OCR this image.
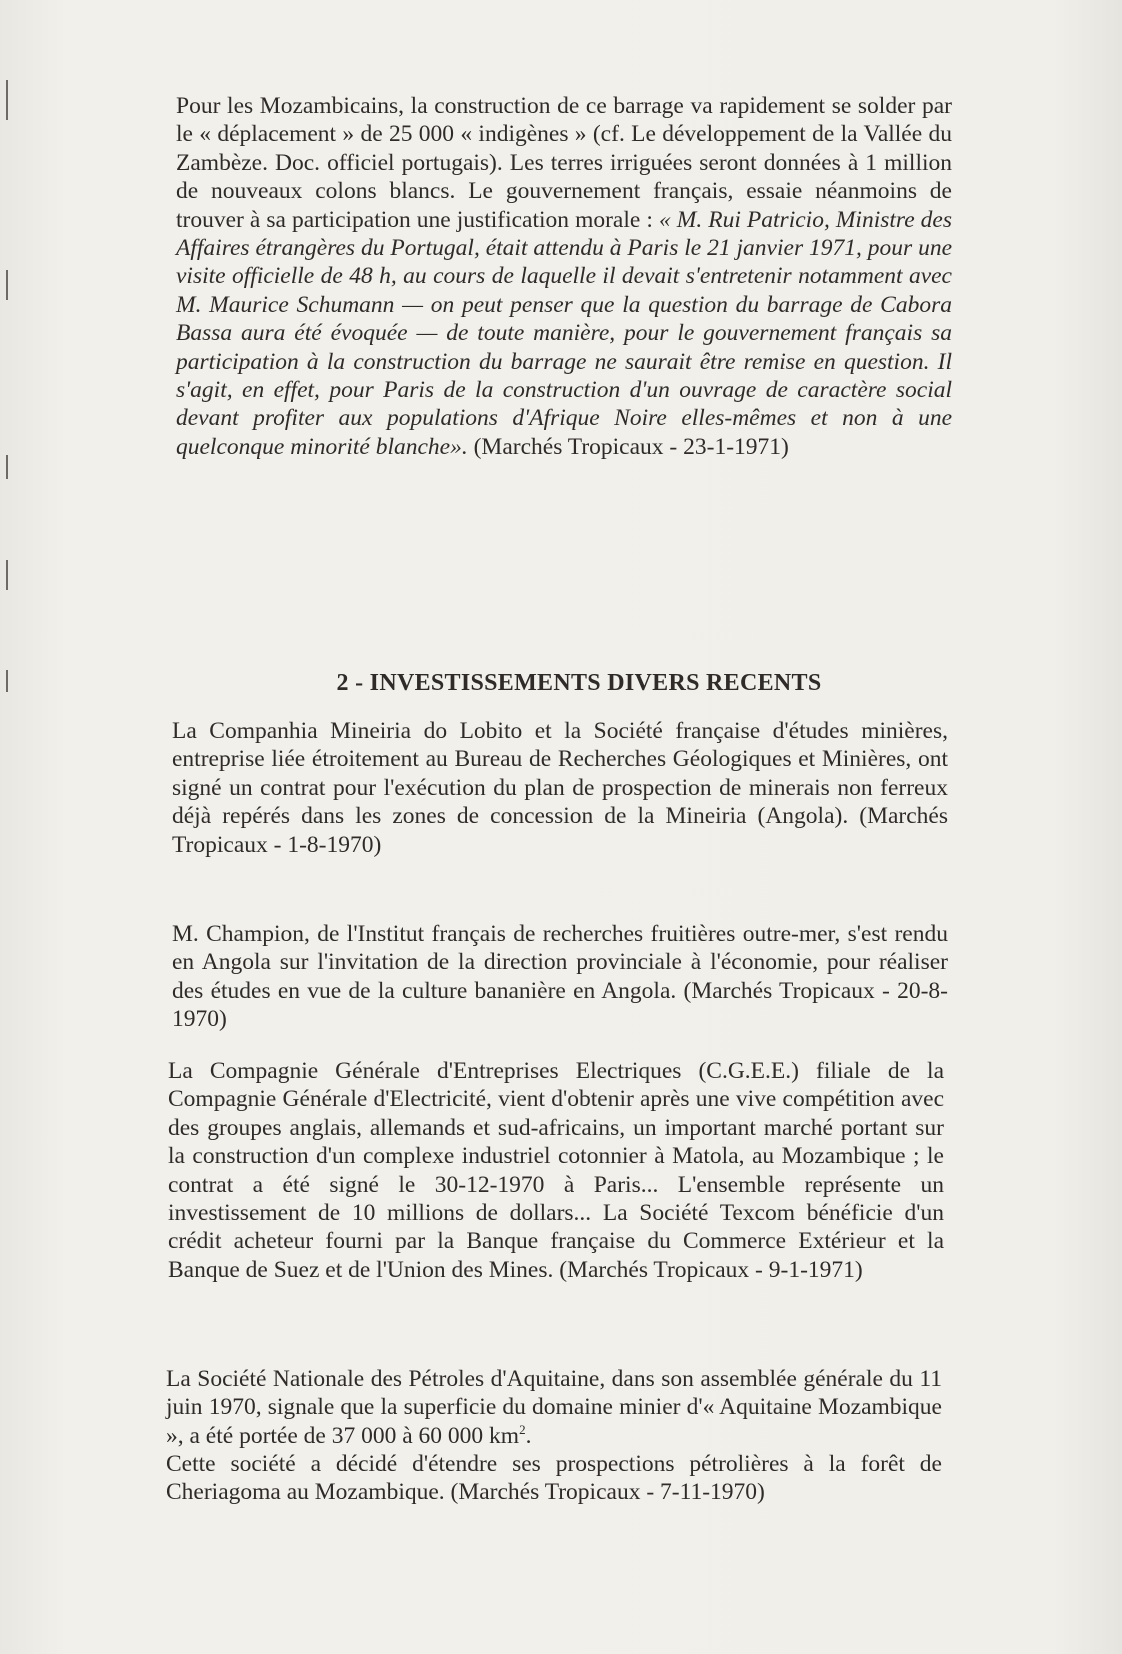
Pour les Mozambicains, la construction de ce barrage va rapidement se solder par le « déplacement » de 25 000 « indigènes » (cf. Le développement de la Vallée du Zambèze. Doc. officiel portugais). Les terres irriguées seront données à 1 million de nouveaux colons blancs. Le gouvernement français, essaie néanmoins de trouver à sa participation une justification morale : « M. Rui Patricio, Ministre des Affaires étrangères du Portugal, était attendu à Paris le 21 janvier 1971, pour une visite officielle de 48 h, au cours de laquelle il devait s'entretenir notamment avec M. Maurice Schumann — on peut penser que la question du barrage de Cabora Bassa aura été évoquée — de toute manière, pour le gouvernement français sa participation à la construction du barrage ne saurait être remise en question. Il s'agit, en effet, pour Paris de la construction d'un ouvrage de caractère social devant profiter aux populations d'Afrique Noire elles-mêmes et non à une quelconque minorité blanche». (Marchés Tropicaux - 23-1-1971)

2 - INVESTISSEMENTS DIVERS RECENTS

La Companhia Mineiria do Lobito et la Société française d'études minières, entreprise liée étroitement au Bureau de Recherches Géologiques et Minières, ont signé un contrat pour l'exécution du plan de prospection de minerais non ferreux déjà repérés dans les zones de concession de la Mineiria (Angola). (Marchés Tropicaux - 1-8-1970)

M. Champion, de l'Institut français de recherches fruitières outre-mer, s'est rendu en Angola sur l'invitation de la direction provinciale à l'économie, pour réaliser des études en vue de la culture bananière en Angola. (Marchés Tropicaux - 20-8-1970)

La Compagnie Générale d'Entreprises Electriques (C.G.E.E.) filiale de la Compagnie Générale d'Electricité, vient d'obtenir après une vive compétition avec des groupes anglais, allemands et sud-africains, un important marché portant sur la construction d'un complexe industriel cotonnier à Matola, au Mozambique ; le contrat a été signé le 30-12-1970 à Paris... L'ensemble représente un investissement de 10 millions de dollars... La Société Texcom bénéficie d'un crédit acheteur fourni par la Banque française du Commerce Extérieur et la Banque de Suez et de l'Union des Mines. (Marchés Tropicaux - 9-1-1971)

La Société Nationale des Pétroles d'Aquitaine, dans son assemblée générale du 11 juin 1970, signale que la superficie du domaine minier d'« Aquitaine Mozambique », a été portée de 37 000 à 60 000 $km^2$.

Cette société a décidé d'étendre ses prospections pétrolières à la forêt de Cheriagoma au Mozambique. (Marchés Tropicaux - 7-11-1970)
